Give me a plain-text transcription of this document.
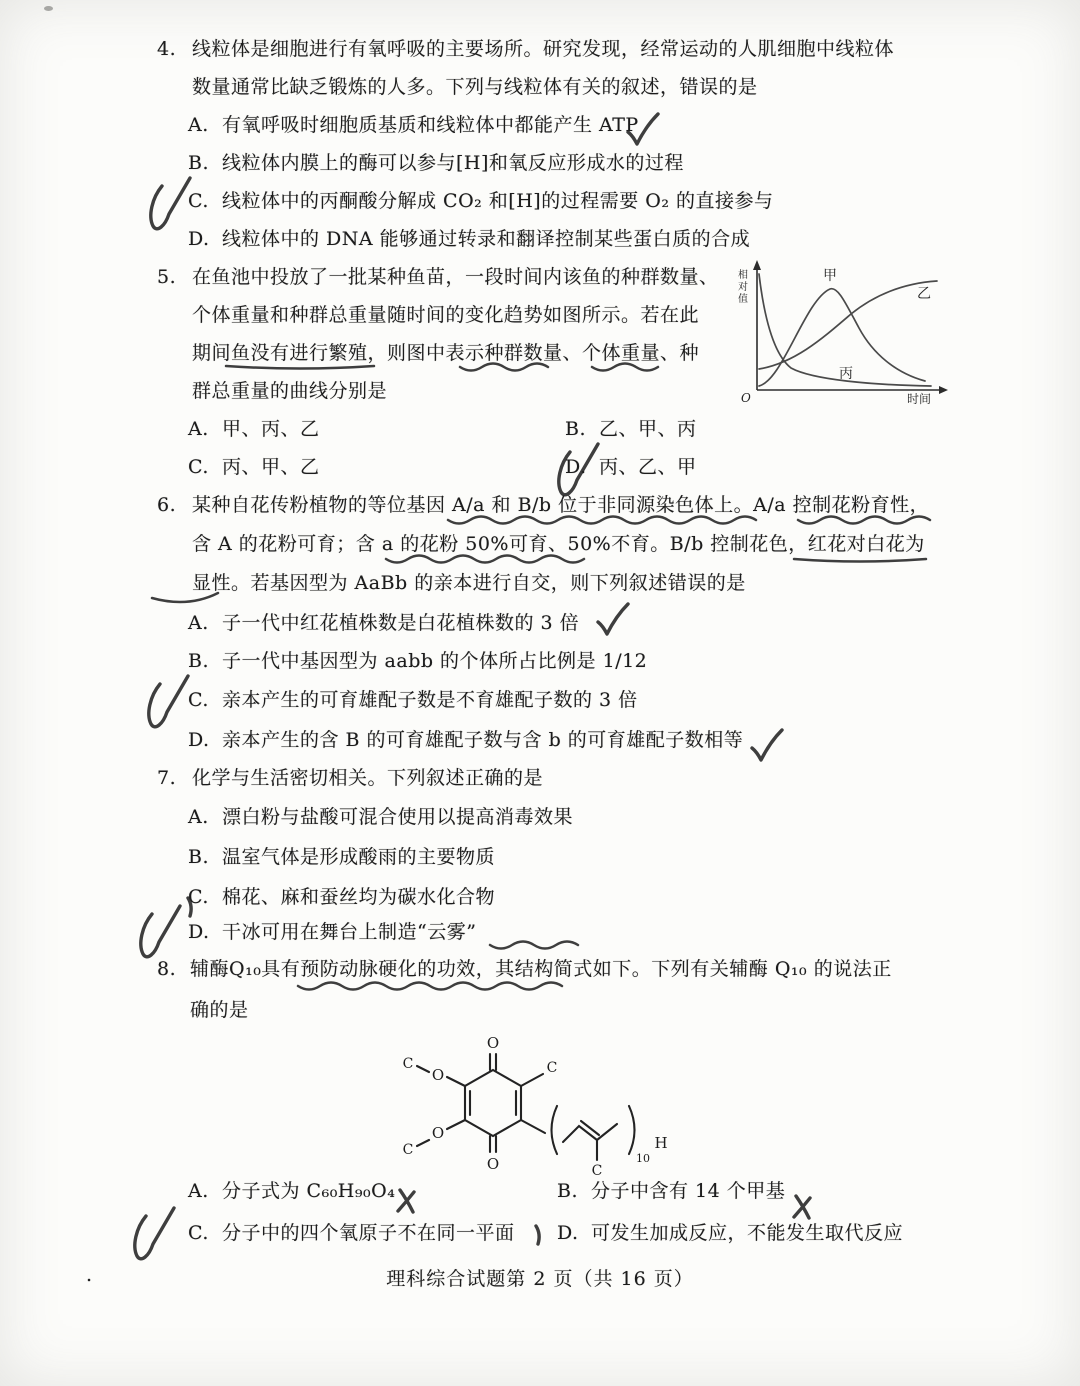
4. 线粒体是细胞进行有氧呼吸的主要场所。研究发现，经常运动的人肌细胞中线粒体
数量通常比缺乏锻炼的人多。下列与线粒体有关的叙述，错误的是
A. 有氧呼吸时细胞质基质和线粒体中都能产生 ATP
B. 线粒体内膜上的酶可以参与[H]和氧反应形成水的过程
C. 线粒体中的丙酮酸分解成 CO₂ 和[H]的过程需要 O₂ 的直接参与
D. 线粒体中的 DNA 能够通过转录和翻译控制某些蛋白质的合成
5. 在鱼池中投放了一批某种鱼苗，一段时间内该鱼的种群数量、
个体重量和种群总重量随时间的变化趋势如图所示。若在此
期间鱼没有进行繁殖，则图中表示种群数量、个体重量、种
群总重量的曲线分别是
A. 甲、丙、乙	B. 乙、甲、丙
C. 丙、甲、乙	D. 丙、乙、甲
甲
乙
丙
相
对
值
时间
O
6. 某种自花传粉植物的等位基因 A/a 和 B/b 位于非同源染色体上。A/a 控制花粉育性，
含 A 的花粉可育；含 a 的花粉 50%可育、50%不育。B/b 控制花色，红花对白花为
显性。若基因型为 AaBb 的亲本进行自交，则下列叙述错误的是
A. 子一代中红花植株数是白花植株数的 3 倍
B. 子一代中基因型为 aabb 的个体所占比例是 1/12
C. 亲本产生的可育雄配子数是不育雄配子数的 3 倍
D. 亲本产生的含 B 的可育雄配子数与含 b 的可育雄配子数相等
7. 化学与生活密切相关。下列叙述正确的是
A. 漂白粉与盐酸可混合使用以提高消毒效果
B. 温室气体是形成酸雨的主要物质
C. 棉花、麻和蚕丝均为碳水化合物
D. 干冰可用在舞台上制造“云雾”
8. 辅酶Q₁₀具有预防动脉硬化的功效，其结构简式如下。下列有关辅酶 Q₁₀ 的说法正
确的是
O
O
O
C
O
C
C
C
10
H
A. 分子式为 C₆₀H₉₀O₄	B. 分子中含有 14 个甲基
C. 分子中的四个氧原子不在同一平面 D. 可发生加成反应，不能发生取代反应
理科综合试题第 2 页（共 16 页）
.
